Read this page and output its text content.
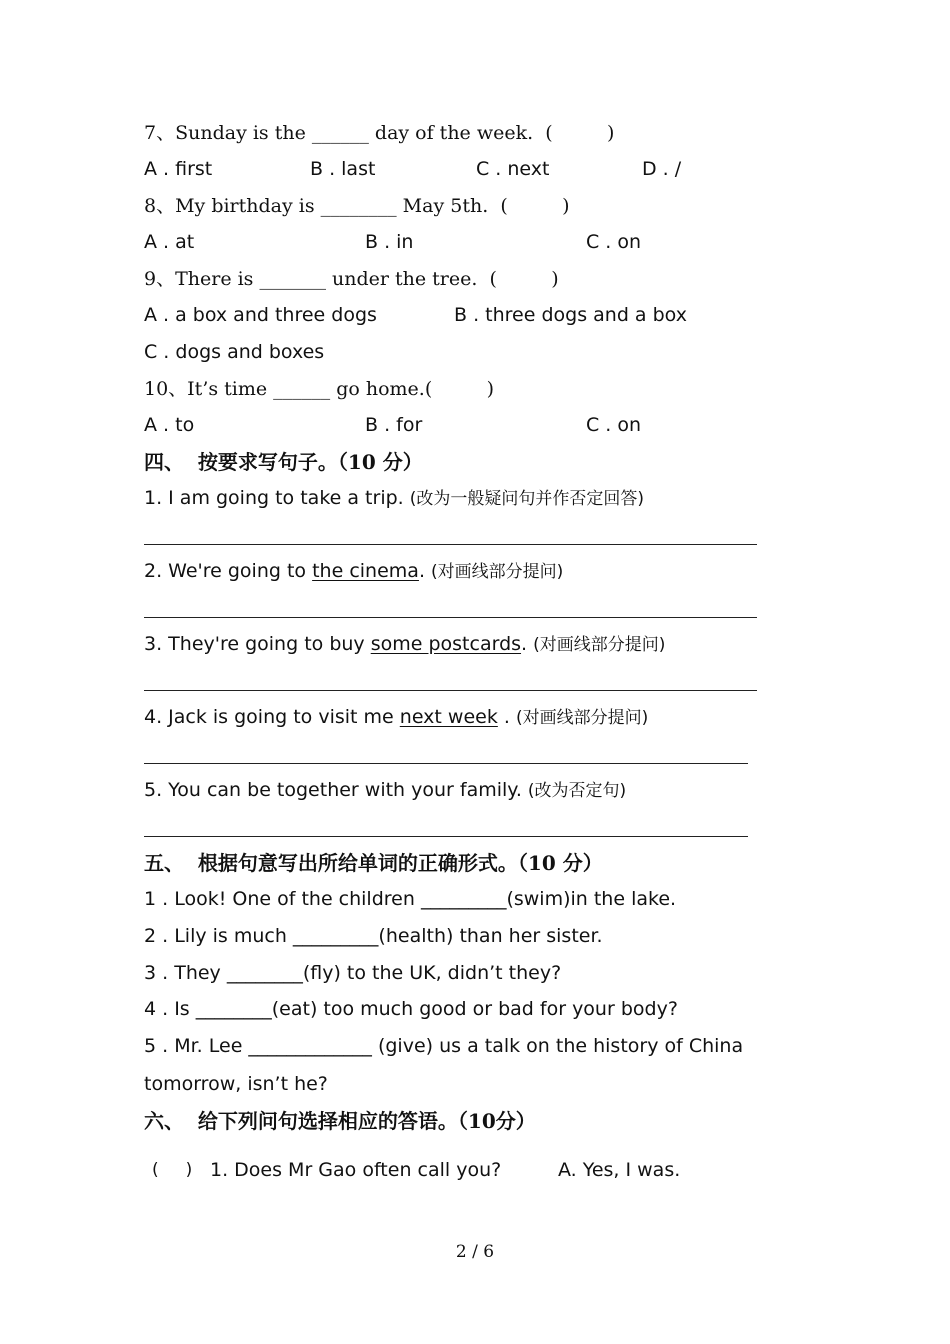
7、Sunday is the ______ day of the week.  (         )
A . first	B . last	C . next	D . /
8、My birthday is ________ May 5th.  (         )
A . at	B . in	C . on
9、There is _______ under the tree.  (         )
A . a box and three dogs	B . three dogs and a box
C . dogs and boxes
10、It’s time ______ go home.(         )
A . to	B . for	C . on
四、  按要求写句子。（10 分）
1. I am going to take a trip. (改为一般疑问句并作否定回答)
2. We're going to the cinema. (对画线部分提问)
3. They're going to buy some postcards. (对画线部分提问)
4. Jack is going to visit me next week . (对画线部分提问)
5. You can be together with your family. (改为否定句)
五、  根据句意写出所给单词的正确形式。（10 分）
1 . Look! One of the children _________(swim)in the lake.
2 . Lily is much _________(health) than her sister.
3 . They ________(fly) to the UK, didn’t they?
4 . Is ________(eat) too much good or bad for your body?
5 . Mr. Lee _____________ (give) us a talk on the history of China
tomorrow, isn’t he?
六、  给下列问句选择相应的答语。（10分）
(     ) 1. Does Mr Gao often call you?	A. Yes, I was.
2 / 6
